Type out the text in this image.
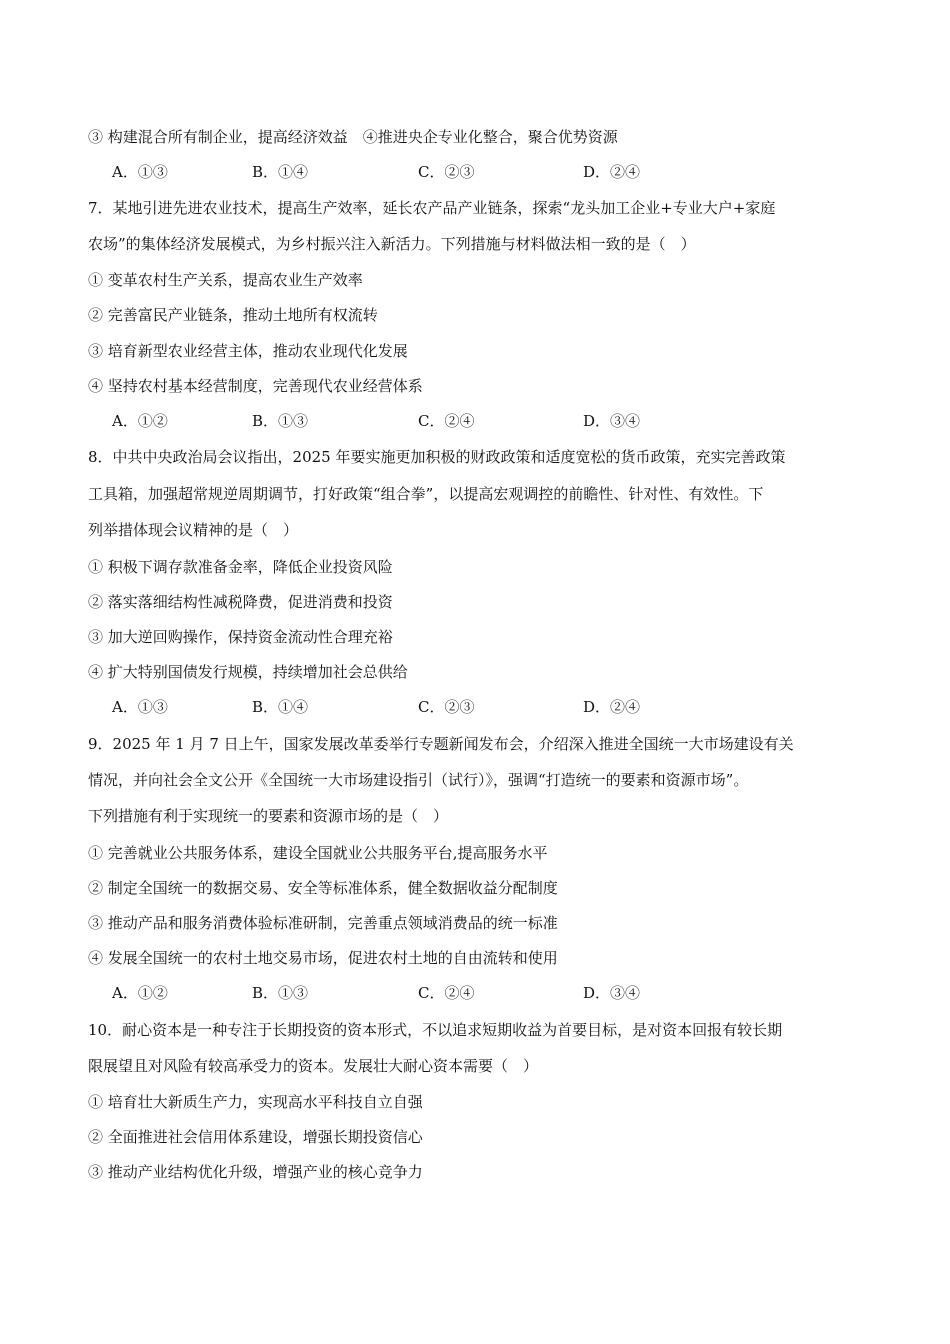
③ 构建混合所有制企业，提高经济效益　④推进央企专业化整合，聚合优势资源
A．①③	B．①④	C．②③	D．②④
7．某地引进先进农业技术，提高生产效率，延长农产品产业链条，探索“龙头加工企业+专业大户+家庭
农场”的集体经济发展模式，为乡村振兴注入新活力。下列措施与材料做法相一致的是（　）
① 变革农村生产关系，提高农业生产效率
② 完善富民产业链条，推动土地所有权流转
③ 培育新型农业经营主体，推动农业现代化发展
④ 坚持农村基本经营制度，完善现代农业经营体系
A．①②	B．①③	C．②④	D．③④
8．中共中央政治局会议指出，2025 年要实施更加积极的财政政策和适度宽松的货币政策，充实完善政策
工具箱，加强超常规逆周期调节，打好政策“组合拳”，以提高宏观调控的前瞻性、针对性、有效性。下
列举措体现会议精神的是（　）
① 积极下调存款准备金率，降低企业投资风险
② 落实落细结构性减税降费，促进消费和投资
③ 加大逆回购操作，保持资金流动性合理充裕
④ 扩大特别国债发行规模，持续增加社会总供给
A．①③	B．①④	C．②③	D．②④
9．2025 年 1 月 7 日上午，国家发展改革委举行专题新闻发布会，介绍深入推进全国统一大市场建设有关
情况，并向社会全文公开《全国统一大市场建设指引（试行）》，强调“打造统一的要素和资源市场”。
下列措施有利于实现统一的要素和资源市场的是（　）
① 完善就业公共服务体系，建设全国就业公共服务平台,提高服务水平
② 制定全国统一的数据交易、安全等标准体系，健全数据收益分配制度
③ 推动产品和服务消费体验标准研制，完善重点领域消费品的统一标准
④ 发展全国统一的农村土地交易市场，促进农村土地的自由流转和使用
A．①②	B．①③	C．②④	D．③④
10．耐心资本是一种专注于长期投资的资本形式，不以追求短期收益为首要目标，是对资本回报有较长期
限展望且对风险有较高承受力的资本。发展壮大耐心资本需要（　）
① 培育壮大新质生产力，实现高水平科技自立自强
② 全面推进社会信用体系建设，增强长期投资信心
③ 推动产业结构优化升级，增强产业的核心竞争力
